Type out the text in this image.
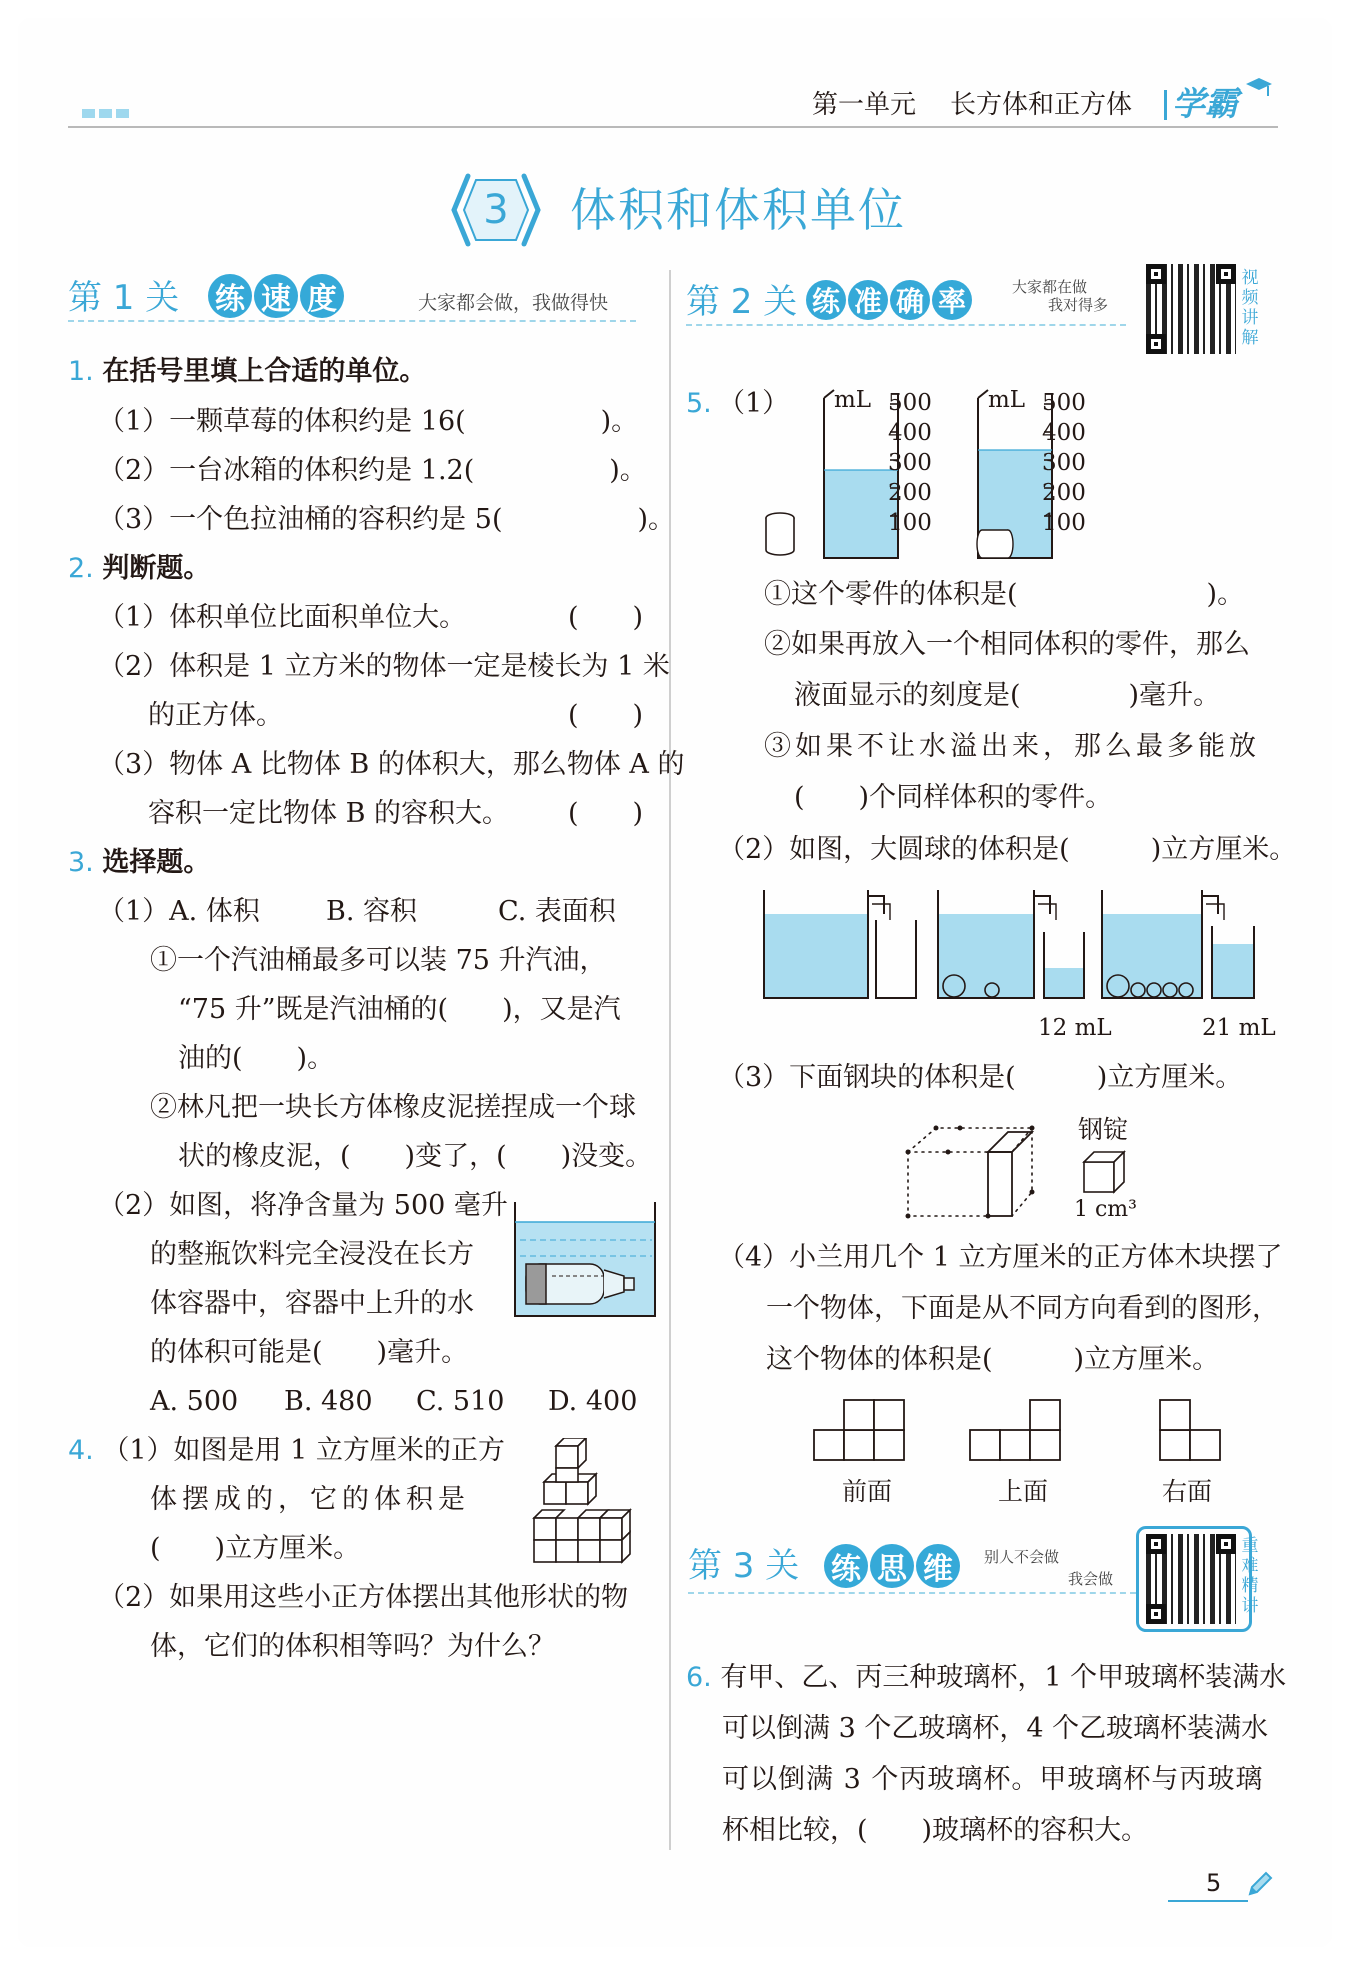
第一单元 长方体和正方体 学霸
3	体积和体积单位
第 1 关 练 速 度	大家都会做，我做得快 第 2 关 练 准 确 率	大家都在做
我对得多
视
频
讲
解
1. 在括号里填上合适的单位。
（1）一颗草莓的体积约是 16(　　　　　)。
（2）一台冰箱的体积约是 1.2(　　　　　)。
（3）一个色拉油桶的容积约是 5(　　　　　)。
2. 判断题。
（1）体积单位比面积单位大。	(　　)
（2）体积是 1 立方米的物体一定是棱长为 1 米
的正方体。	(　　)
（3）物体 A 比物体 B 的体积大，那么物体 A 的
容积一定比物体 B 的容积大。 (　　)
3. 选择题。
（1）A. 体积 B. 容积	C. 表面积
①一个汽油桶最多可以装 75 升汽油，
“75 升”既是汽油桶的(　　)，又是汽
油的(　　)。
②林凡把一块长方体橡皮泥搓捏成一个球
状的橡皮泥，(　　)变了，(　　)没变。
（2）如图，将净含量为 500 毫升
的整瓶饮料完全浸没在长方
体容器中，容器中上升的水
的体积可能是(　　)毫升。
A. 500 B. 480 C. 510 D. 400
4. （1）如图是用 1 立方厘米的正方
体摆成的，它的体积是
(　　)立方厘米。
（2）如果用这些小正方体摆出其他形状的物
体，它们的体积相等吗？为什么？
5. （1） mL 500
400
300
200
100
mL 500
400
300
200
100
①这个零件的体积是(　　　　　　　)。
②如果再放入一个相同体积的零件，那么
液面显示的刻度是(　　　　)毫升。
③如果不让水溢出来，那么最多能放
(　　)个同样体积的零件。
（2）如图，大圆球的体积是(　　　)立方厘米。
12 mL	21 mL
（3）下面钢块的体积是(　　　)立方厘米。
钢锭
1 cm³
（4）小兰用几个 1 立方厘米的正方体木块摆了
一个物体，下面是从不同方向看到的图形，
这个物体的体积是(　　　)立方厘米。
前面	上面	右面
第 3 关 练 思 维	别人不会做
我会做
重
难
精
讲
6. 有甲、乙、丙三种玻璃杯，1 个甲玻璃杯装满水
可以倒满 3 个乙玻璃杯，4 个乙玻璃杯装满水
可以倒满 3 个丙玻璃杯。甲玻璃杯与丙玻璃
杯相比较，(　　)玻璃杯的容积大。
5
